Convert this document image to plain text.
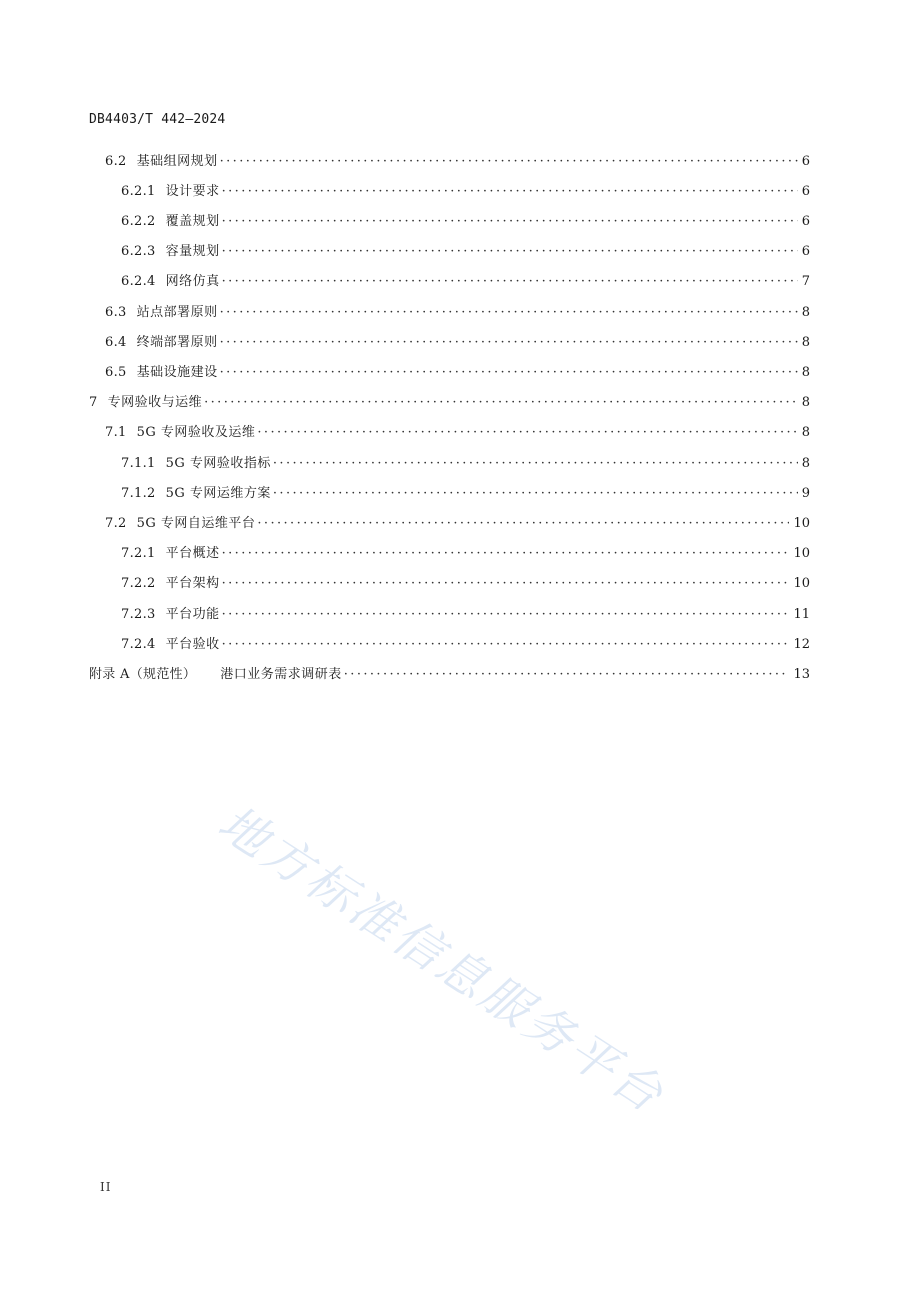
DB4403/T 442—2024
6.2 基础组网规划 ·····	6
6.2.1 设计要求 ·····	6
6.2.2 覆盖规划 ·····	6
6.2.3 容量规划 ·····	6
6.2.4 网络仿真 ·····	7
6.3 站点部署原则 ·····	8
6.4 终端部署原则 ·····	8
6.5 基础设施建设 ·····	8
7 专网验收与运维 ·····	8
7.1 5G 专网验收及运维 ·····	8
7.1.1 5G 专网验收指标 ·····	8
7.1.2 5G 专网运维方案 ·····	9
7.2 5G 专网自运维平台 ·····	10
7.2.1 平台概述 ·····	10
7.2.2 平台架构 ·····	10
7.2.3 平台功能 ·····	11
7.2.4 平台验收 ·····	12
附录 A（规范性） 港口业务需求调研表 ·····	13
地方标准信息服务平台
II
